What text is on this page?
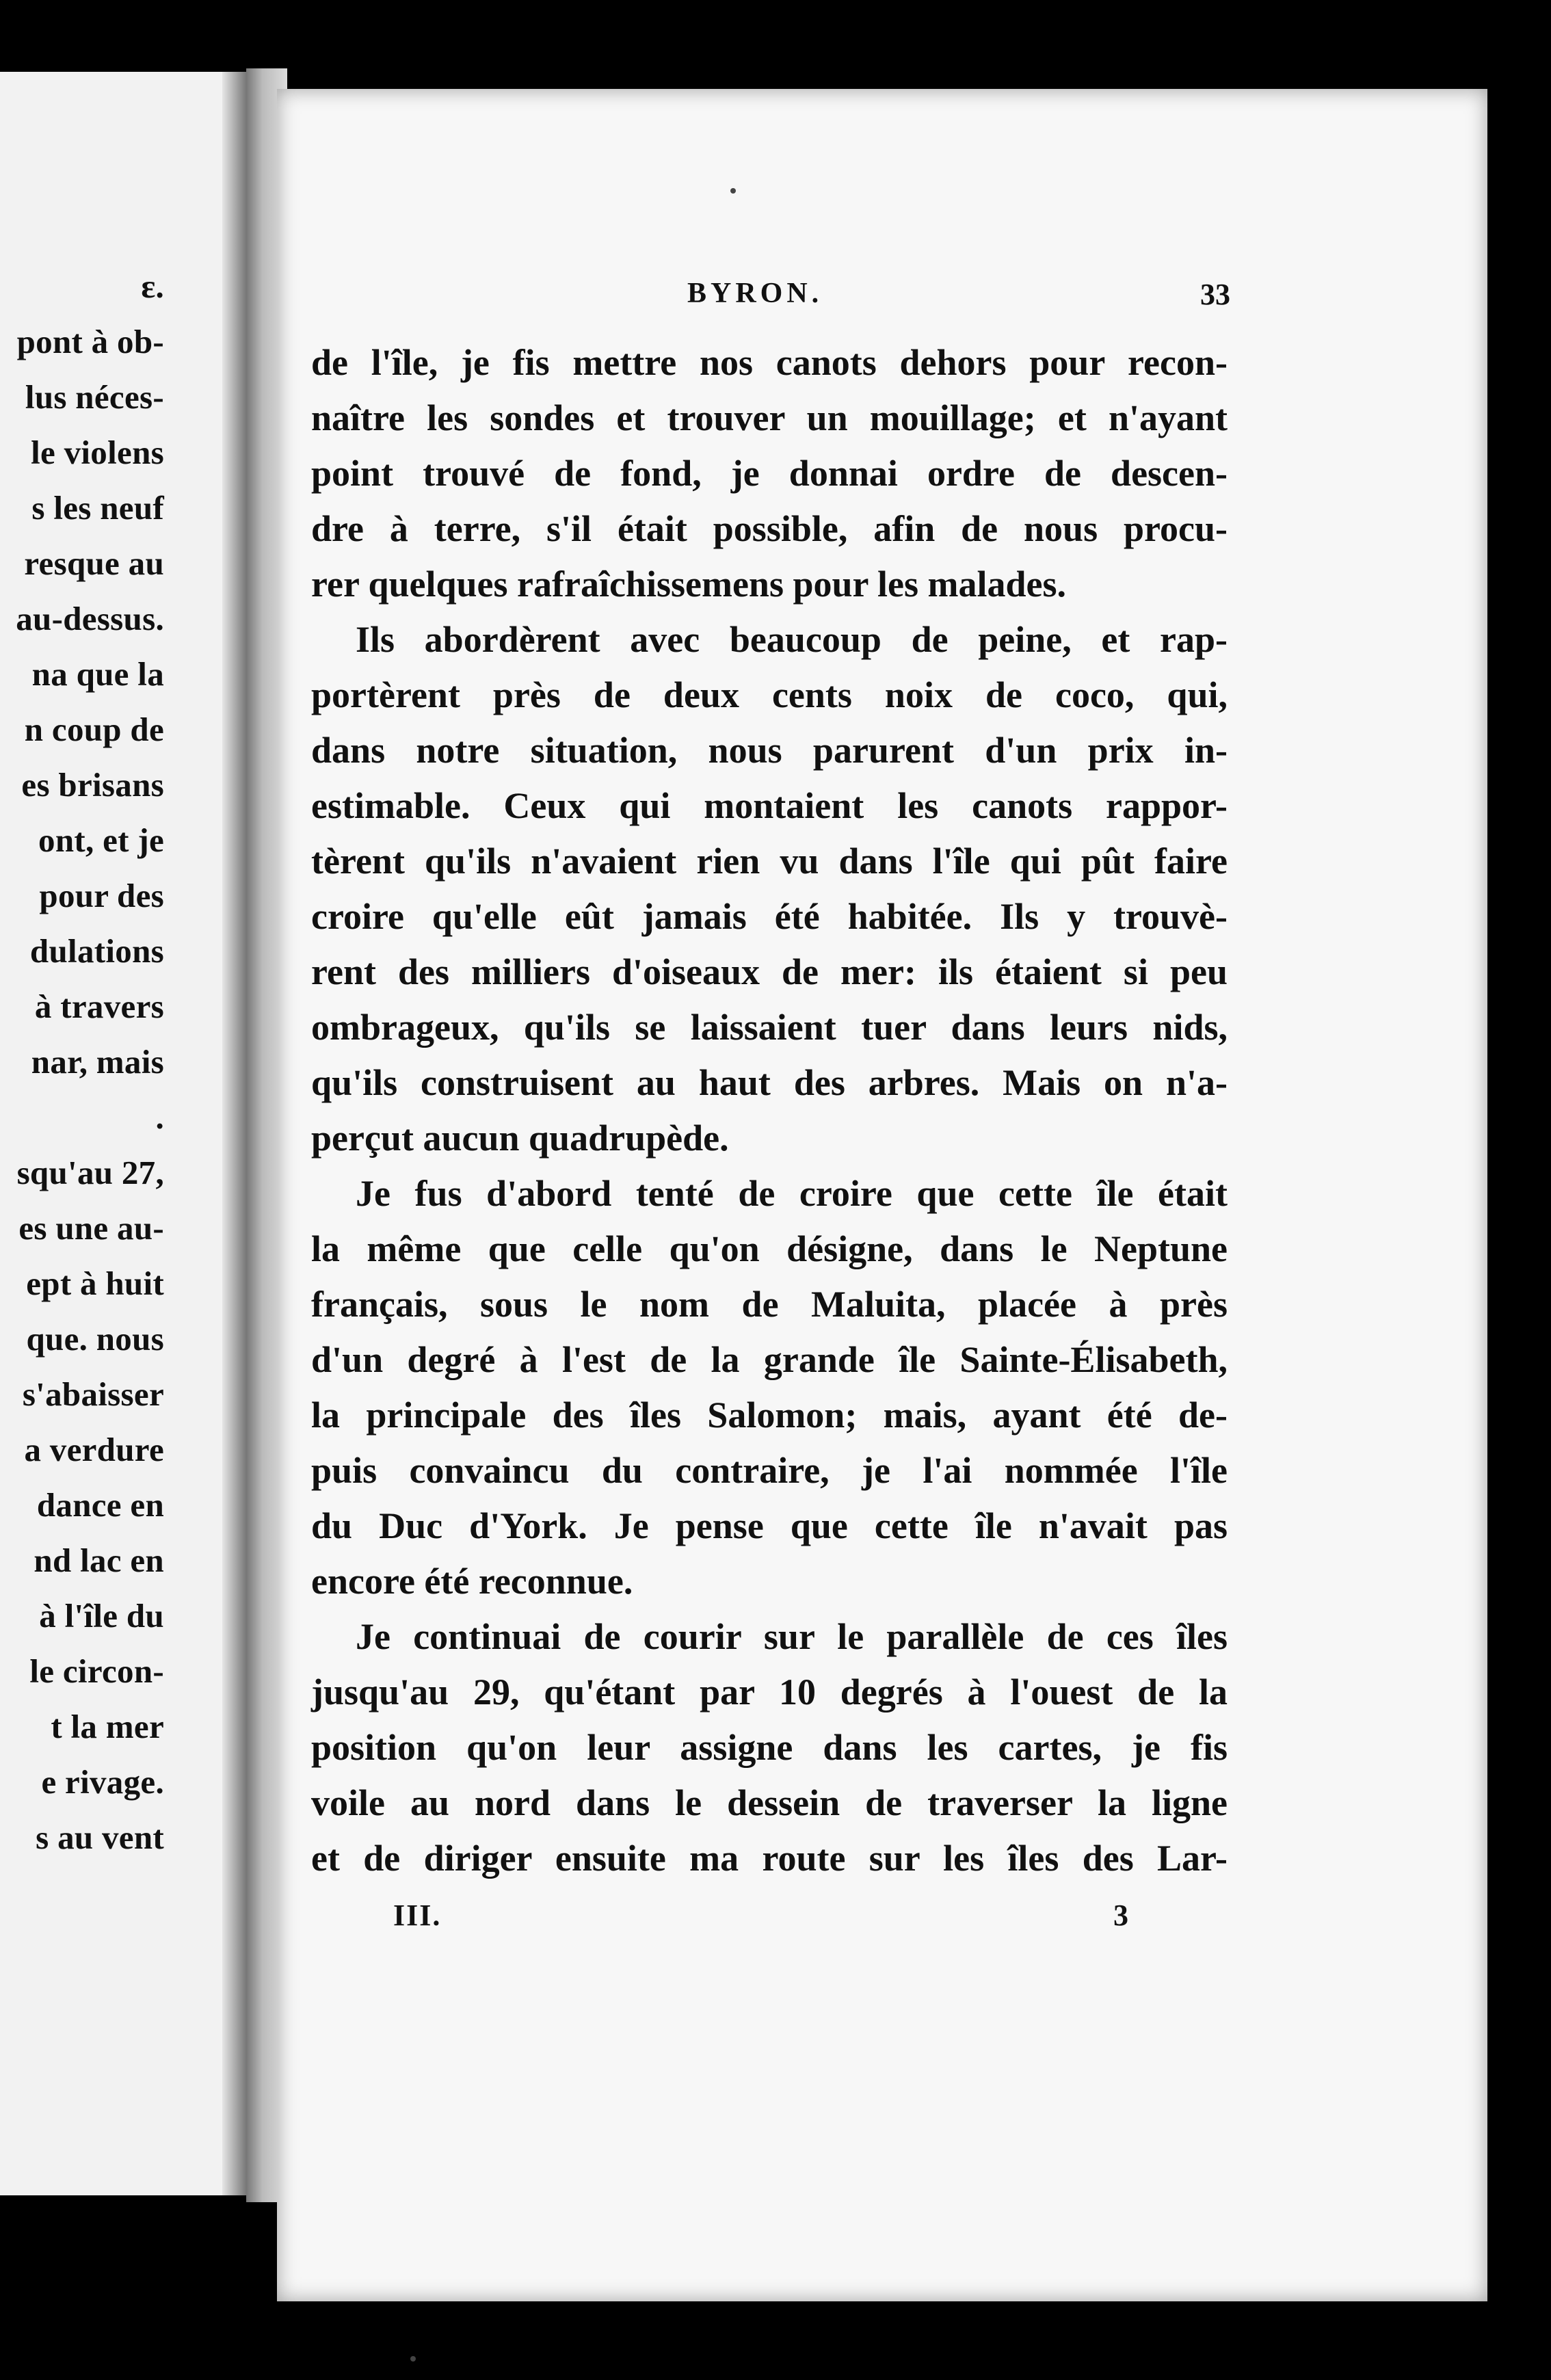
ɛ.
pont à ob-
lus néces-
le violens
s les neuf
resque au
au-dessus.
na que la
n coup de
es brisans
ont, et je
pour des
dulations
à travers
nar, mais
.
squ'au 27,
es une au-
ept à huit
que. nous
s'abaisser
a verdure
dance en
nd lac en
à l'île du
le circon-
t la mer
e rivage.
s au vent
BYRON.	33
de l'île, je fis mettre nos canots dehors pour recon-
naître les sondes et trouver un mouillage; et n'ayant
point trouvé de fond, je donnai ordre de descen-
dre à terre, s'il était possible, afin de nous procu-
rer quelques rafraîchissemens pour les malades.
Ils abordèrent avec beaucoup de peine, et rap-
portèrent près de deux cents noix de coco, qui,
dans notre situation, nous parurent d'un prix in-
estimable. Ceux qui montaient les canots rappor-
tèrent qu'ils n'avaient rien vu dans l'île qui pût faire
croire qu'elle eût jamais été habitée. Ils y trouvè-
rent des milliers d'oiseaux de mer: ils étaient si peu
ombrageux, qu'ils se laissaient tuer dans leurs nids,
qu'ils construisent au haut des arbres. Mais on n'a-
perçut aucun quadrupède.
Je fus d'abord tenté de croire que cette île était
la même que celle qu'on désigne, dans le Neptune
français, sous le nom de Maluita, placée à près
d'un degré à l'est de la grande île Sainte-Élisabeth,
la principale des îles Salomon; mais, ayant été de-
puis convaincu du contraire, je l'ai nommée l'île
du Duc d'York. Je pense que cette île n'avait pas
encore été reconnue.
Je continuai de courir sur le parallèle de ces îles
jusqu'au 29, qu'étant par 10 degrés à l'ouest de la
position qu'on leur assigne dans les cartes, je fis
voile au nord dans le dessein de traverser la ligne
et de diriger ensuite ma route sur les îles des Lar-
III.	3
